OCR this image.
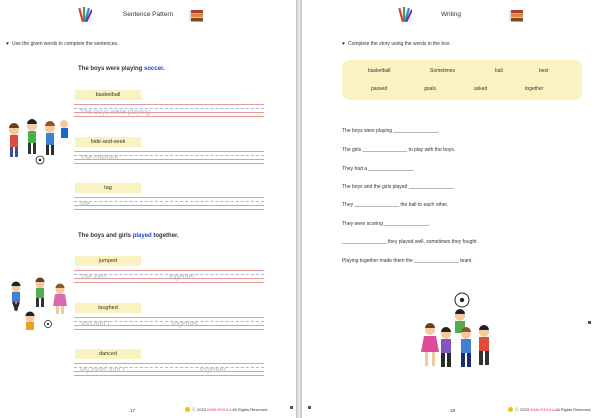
Sentence Pattern
♥ Use the given words to complete the sentences.
The boys were playing soccer.
basketball
The boys were playing
hide-and-seek
The children
tag
We
The boys and girls played together.
jumped
The kids	together.
laughed
You and I	together.
danced
My mom and I	together.
17	ⓒ 2023 BABUSHOLA All Rights Reserved.
Writing
♥ Complete the story using the words in the box.
basketball	Sometimes	ball	best
passed	goals	asked	together
The boys were playing ________________.
The girls ________________ to play with the boys.
They had a ________________.
The boys and the girls played ________________.
They ________________ the ball to each other.
They were scoring ________________.
________________ they played well, sometimes they fought.
Playing together made them the ________________ team.
18	ⓒ 2023 BABUSHOLA All Rights Reserved.
